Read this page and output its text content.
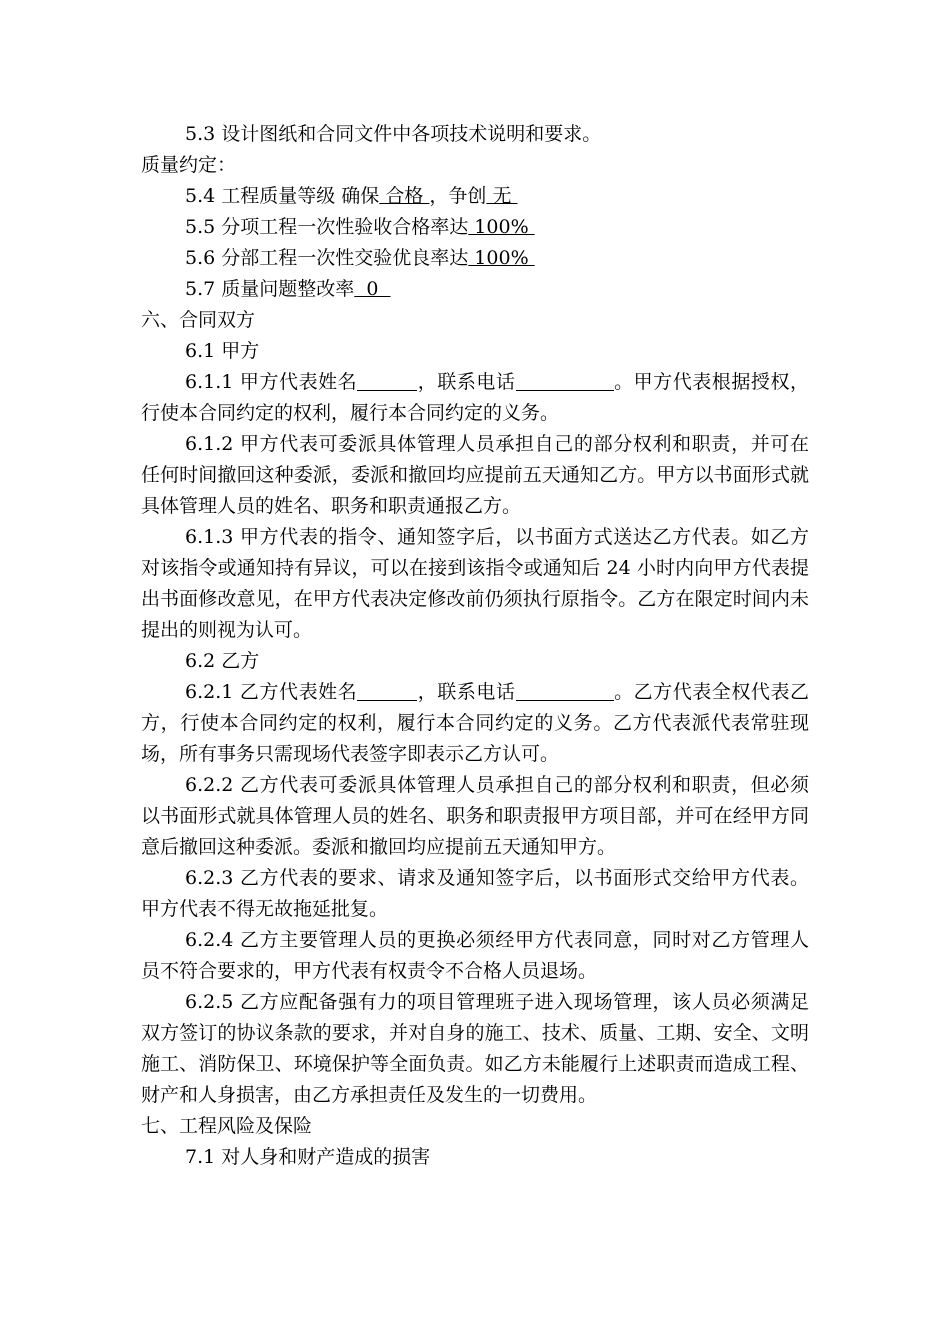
5.3 设计图纸和合同文件中各项技术说明和要求。

质量约定：

5.4 工程质量等级 确保 合格 ，争创 无

5.5 分项工程一次性验收合格率达 100%

5.6 分部工程一次性交验优良率达 100%

5.7 质量问题整改率  0

六、合同双方

6.1 甲方

6.1.1 甲方代表姓名	，联系电话	。甲方代表根据授权，行使本合同约定的权利，履行本合同约定的义务。

6.1.2 甲方代表可委派具体管理人员承担自己的部分权利和职责，并可在任何时间撤回这种委派，委派和撤回均应提前五天通知乙方。甲方以书面形式就具体管理人员的姓名、职务和职责通报乙方。

6.1.3 甲方代表的指令、通知签字后，以书面方式送达乙方代表。如乙方对该指令或通知持有异议，可以在接到该指令或通知后 24 小时内向甲方代表提出书面修改意见，在甲方代表决定修改前仍须执行原指令。乙方在限定时间内未提出的则视为认可。

6.2 乙方

6.2.1 乙方代表姓名	，联系电话	。乙方代表全权代表乙方，行使本合同约定的权利，履行本合同约定的义务。乙方代表派代表常驻现场，所有事务只需现场代表签字即表示乙方认可。

6.2.2 乙方代表可委派具体管理人员承担自己的部分权利和职责，但必须以书面形式就具体管理人员的姓名、职务和职责报甲方项目部，并可在经甲方同意后撤回这种委派。委派和撤回均应提前五天通知甲方。

6.2.3 乙方代表的要求、请求及通知签字后，以书面形式交给甲方代表。甲方代表不得无故拖延批复。

6.2.4 乙方主要管理人员的更换必须经甲方代表同意，同时对乙方管理人员不符合要求的，甲方代表有权责令不合格人员退场。

6.2.5 乙方应配备强有力的项目管理班子进入现场管理，该人员必须满足双方签订的协议条款的要求，并对自身的施工、技术、质量、工期、安全、文明施工、消防保卫、环境保护等全面负责。如乙方未能履行上述职责而造成工程、财产和人身损害，由乙方承担责任及发生的一切费用。

七、工程风险及保险

7.1 对人身和财产造成的损害
